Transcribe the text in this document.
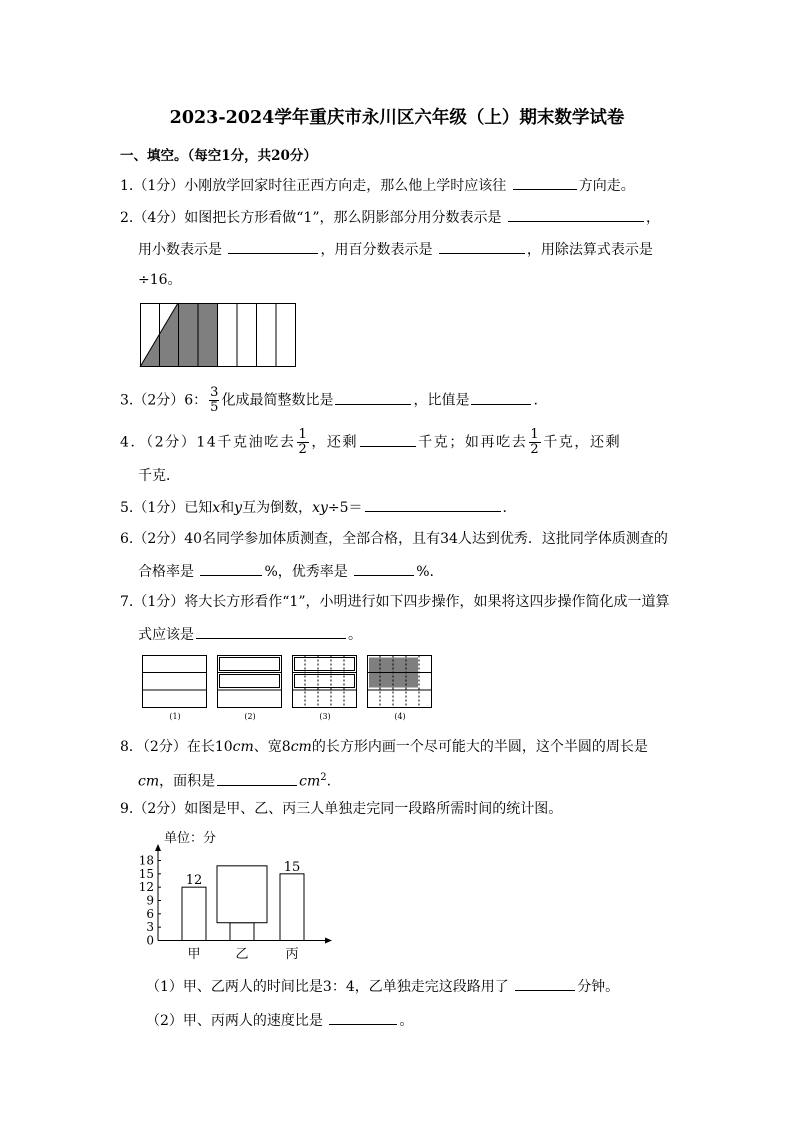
2023-2024学年重庆市永川区六年级（上）期末数学试卷
一、填空。（每空1分，共20分）
1.（1分）小刚放学回家时往正西方向走，那么他上学时应该往	方向走。
2.（4分）如图把长方形看做“1”，那么阴影部分用分数表示是	，
用小数表示是	，用百分数表示是	，用除法算式表示是
÷16。
3.（2分）6： $\frac{3}{5}$ 化成最简整数比是	，比值是	.
4．（2分）14千克油吃去 $\frac{1}{2}$ ，还剩	千克；如再吃去 $\frac{1}{2}$ 千克，还剩
千克．
5.（1分）已知x和y互为倒数，xy÷5＝	.
6.（2分）40名同学参加体质测查，全部合格，且有34人达到优秀．这批同学体质测查的
合格率是	%，优秀率是	%.
7.（1分）将大长方形看作“1”，小明进行如下四步操作，如果将这四步操作简化成一道算
式应该是	。
(1)	(2)	(3)	(4)
8．（2分）在长10cm、宽8cm的长方形内画一个尽可能大的半圆，这个半圆的周长是
cm，面积是	$cm^2$.
9.（2分）如图是甲、乙、丙三人单独走完同一段路所需时间的统计图。
单位：分
0
3
6
9
12
15
18
甲
12
乙	丙
15
（1）甲、乙两人的时间比是3：4，乙单独走完这段路用了	分钟。
（2）甲、丙两人的速度比是	。
